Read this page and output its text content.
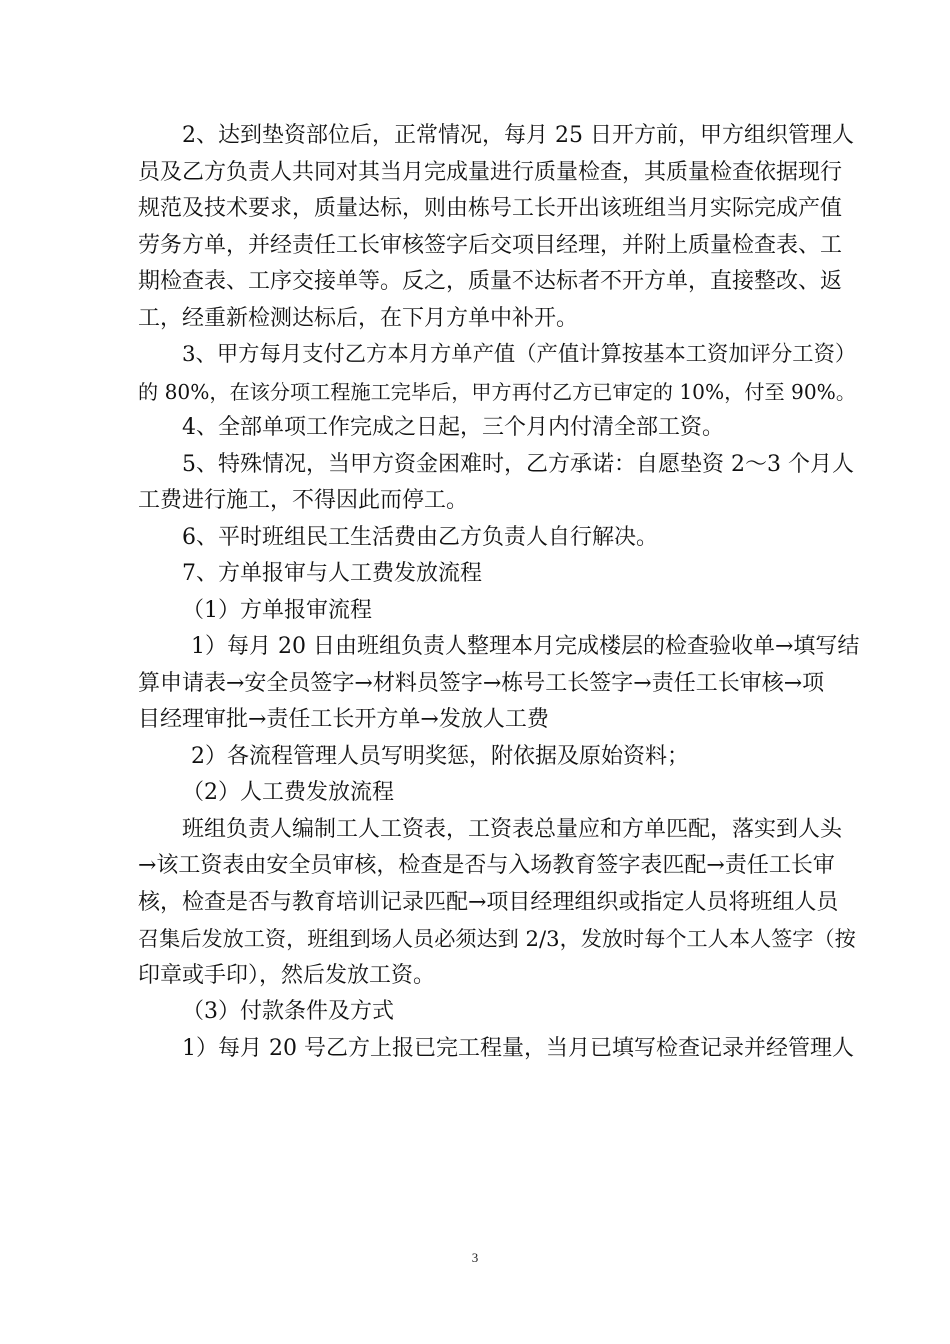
2、达到垫资部位后，正常情况，每月 25 日开方前，甲方组织管理人
员及乙方负责人共同对其当月完成量进行质量检查，其质量检查依据现行
规范及技术要求，质量达标，则由栋号工长开出该班组当月实际完成产值
劳务方单，并经责任工长审核签字后交项目经理，并附上质量检查表、工
期检查表、工序交接单等。反之，质量不达标者不开方单，直接整改、返
工，经重新检测达标后，在下月方单中补开。
3、甲方每月支付乙方本月方单产值（产值计算按基本工资加评分工资）
的 80%，在该分项工程施工完毕后，甲方再付乙方已审定的 10%，付至 90%。
4、全部单项工作完成之日起，三个月内付清全部工资。
5、特殊情况，当甲方资金困难时，乙方承诺：自愿垫资 2～3 个月人
工费进行施工，不得因此而停工。
6、平时班组民工生活费由乙方负责人自行解决。
7、方单报审与人工费发放流程
（1）方单报审流程
1）每月 20 日由班组负责人整理本月完成楼层的检查验收单→填写结
算申请表→安全员签字→材料员签字→栋号工长签字→责任工长审核→项
目经理审批→责任工长开方单→发放人工费
2）各流程管理人员写明奖惩，附依据及原始资料；
（2）人工费发放流程
班组负责人编制工人工资表，工资表总量应和方单匹配，落实到人头
→该工资表由安全员审核，检查是否与入场教育签字表匹配→责任工长审
核，检查是否与教育培训记录匹配→项目经理组织或指定人员将班组人员
召集后发放工资，班组到场人员必须达到 2/3，发放时每个工人本人签字（按
印章或手印），然后发放工资。
（3）付款条件及方式
1）每月 20 号乙方上报已完工程量，当月已填写检查记录并经管理人
3
